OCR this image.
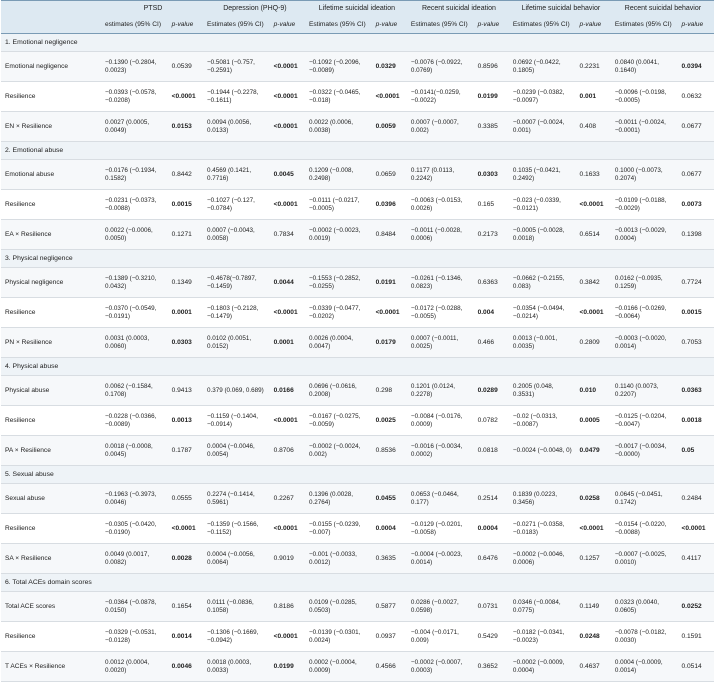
	PTSD		Depression (PHQ-9)		Lifetime suicidal ideation		Recent suicidal ideation		Lifetime suicidal behavior		Recent suicidal behavior	
	estimates (95% CI)	p-value	Estimates (95% CI)	p-value	Estimates (95% CI)	p-value	Estimates (95% CI)	p-value	Estimates (95% CI)	p-value	Estimates (95% CI)	p-value
1. Emotional negligence												
Emotional negligence	−0.1390 (−0.2804, 0.0023)	0.0539	−0.5081 (−0.757, −0.2591)	<0.0001	−0.1092 (−0.2096, −0.0089)	0.0329	−0.0076 (−0.0922, 0.0769)	0.8596	0.0692 (−0.0422, 0.1805)	0.2231	0.0840 (0.0041, 0.1640)	0.0394
Resilience	−0.0393 (−0.0578, −0.0208)	<0.0001	−0.1944 (−0.2278, −0.1611)	<0.0001	−0.0322 (−0.0465, −0.018)	<0.0001	−0.0141(−0.0259, −0.0022)	0.0199	−0.0239 (−0.0382, −0.0097)	0.001	−0.0096 (−0.0198, −0.0005)	0.0632
EN × Resilience	0.0027 (0.0005, 0.0049)	0.0153	0.0094 (0.0056, 0.0133)	<0.0001	0.0022 (0.0006, 0.0038)	0.0059	0.0007 (−0.0007, 0.002)	0.3385	−0.0007 (−0.0024, 0.001)	0.408	−0.0011 (−0.0024, −0.0001)	0.0677
2. Emotional abuse												
Emotional abuse	−0.0176 (−0.1934, 0.1582)	0.8442	0.4569 (0.1421, 0.7716)	0.0045	0.1209 (−0.008, 0.2498)	0.0659	0.1177 (0.0113, 0.2242)	0.0303	0.1035 (−0.0421, 0.2492)	0.1633	0.1000 (−0.0073, 0.2074)	0.0677
Resilience	−0.0231 (−0.0373, −0.0088)	0.0015	−0.1027 (−0.127, −0.0784)	<0.0001	−0.0111 (−0.0217, −0.0005)	0.0396	−0.0063 (−0.0153, 0.0026)	0.165	−0.023 (−0.0339, −0.0121)	<0.0001	−0.0109 (−0.0188, −0.0029)	0.0073
EA × Resilience	0.0022 (−0.0006, 0.0050)	0.1271	0.0007 (−0.0043, 0.0058)	0.7834	−0.0002 (−0.0023, 0.0019)	0.8484	−0.0011 (−0.0028, 0.0006)	0.2173	−0.0005 (−0.0028, 0.0018)	0.6514	−0.0013 (−0.0029, 0.0004)	0.1398
3. Physical negligence												
Physical negligence	−0.1389 (−0.3210, 0.0432)	0.1349	−0.4678(−0.7897, −0.1459)	0.0044	−0.1553 (−0.2852, −0.0255)	0.0191	−0.0261 (−0.1346, 0.0823)	0.6363	−0.0662 (−0.2155, 0.083)	0.3842	0.0162 (−0.0935, 0.1259)	0.7724
Resilience	−0.0370 (−0.0549, −0.0191)	0.0001	−0.1803 (−0.2128, −0.1479)	<0.0001	−0.0339 (−0.0477, −0.0202)	<0.0001	−0.0172 (−0.0288, −0.0055)	0.004	−0.0354 (−0.0494, −0.0214)	<0.0001	−0.0166 (−0.0269, −0.0064)	0.0015
PN × Resilience	0.0031 (0.0003, 0.0060)	0.0303	0.0102 (0.0051, 0.0152)	0.0001	0.0026 (0.0004, 0.0047)	0.0179	0.0007 (−0.0011, 0.0025)	0.466	0.0013 (−0.001, 0.0035)	0.2809	−0.0003 (−0.0020, 0.0014)	0.7053
4. Physical abuse												
Physical abuse	0.0062 (−0.1584, 0.1708)	0.9413	0.379 (0.069, 0.689)	0.0166	0.0696 (−0.0616, 0.2008)	0.298	0.1201 (0.0124, 0.2278)	0.0289	0.2005 (0.048, 0.3531)	0.010	0.1140 (0.0073, 0.2207)	0.0363
Resilience	−0.0228 (−0.0366, −0.0089)	0.0013	−0.1159 (−0.1404, −0.0914)	<0.0001	−0.0167 (−0.0275, −0.0059)	0.0025	−0.0084 (−0.0176, 0.0009)	0.0782	−0.02 (−0.0313, −0.0087)	0.0005	−0.0125 (−0.0204, −0.0047)	0.0018
PA × Resilience	0.0018 (−0.0008, 0.0045)	0.1787	0.0004 (−0.0046, 0.0054)	0.8706	−0.0002 (−0.0024, 0.002)	0.8536	−0.0016 (−0.0034, 0.0002)	0.0818	−0.0024 (−0.0048, 0)	0.0479	−0.0017 (−0.0034, −0.0000)	0.05
5. Sexual abuse												
Sexual abuse	−0.1963 (−0.3973, 0.0046)	0.0555	0.2274 (−0.1414, 0.5961)	0.2267	0.1396 (0.0028, 0.2764)	0.0455	0.0653 (−0.0464, 0.177)	0.2514	0.1839 (0.0223, 0.3456)	0.0258	0.0645 (−0.0451, 0.1742)	0.2484
Resilience	−0.0305 (−0.0420, −0.0190)	<0.0001	−0.1359 (−0.1566, −0.1152)	<0.0001	−0.0155 (−0.0239, −0.007)	0.0004	−0.0129 (−0.0201, −0.0058)	0.0004	−0.0271 (−0.0358, −0.0183)	<0.0001	−0.0154 (−0.0220, −0.0088)	<0.0001
SA × Resilience	0.0049 (0.0017, 0.0082)	0.0028	0.0004 (−0.0056, 0.0064)	0.9019	−0.001 (−0.0033, 0.0012)	0.3635	−0.0004 (−0.0023, 0.0014)	0.6476	−0.0002 (−0.0046, 0.0006)	0.1257	−0.0007 (−0.0025, 0.0010)	0.4117
6. Total ACEs domain scores												
Total ACE scores	−0.0364 (−0.0878, 0.0150)	0.1654	0.0111 (−0.0836, 0.1058)	0.8186	0.0109 (−0.0285, 0.0503)	0.5877	0.0286 (−0.0027, 0.0598)	0.0731	0.0346 (−0.0084, 0.0775)	0.1149	0.0323 (0.0040, 0.0605)	0.0252
Resilience	−0.0329 (−0.0531, −0.0128)	0.0014	−0.1306 (−0.1669, −0.0942)	<0.0001	−0.0139 (−0.0301, 0.0024)	0.0937	−0.004 (−0.0171, 0.009)	0.5429	−0.0182 (−0.0341, −0.0023)	0.0248	−0.0078 (−0.0182, 0.0030)	0.1591
T ACEs × Resilience	0.0012 (0.0004, 0.0020)	0.0046	0.0018 (0.0003, 0.0033)	0.0199	0.0002 (−0.0004, 0.0009)	0.4566	−0.0002 (−0.0007, 0.0003)	0.3652	−0.0002 (−0.0009, 0.0004)	0.4637	0.0004 (−0.0009, 0.0014)	0.0514
